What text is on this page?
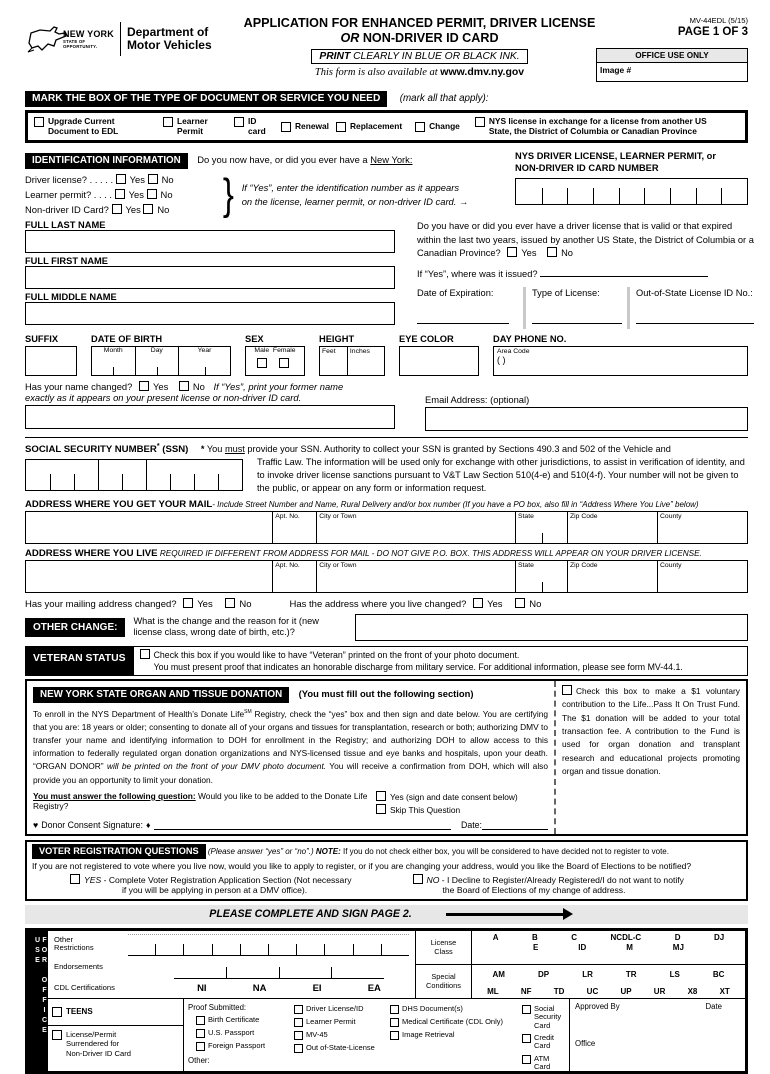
NEW YORK
STATE OF OPPORTUNITY.
Department of
Motor Vehicles
APPLICATION FOR ENHANCED PERMIT, DRIVER LICENSE
OR NON-DRIVER ID CARD
PRINT CLEARLY IN BLUE OR BLACK INK.
This form is also available at www.dmv.ny.gov
MV-44EDL (5/15)
PAGE 1 OF 3
OFFICE USE ONLY
Image #
MARK THE BOX OF THE TYPE OF DOCUMENT OR SERVICE YOU NEED (mark all that apply):
Upgrade Current Document to EDL
Learner Permit
ID card	Renewal	Replacement	Change	NYS license in exchange for a license from another US State, the District of Columbia or Canadian Province
IDENTIFICATION INFORMATION Do you now have, or did you ever have a New York:
Driver license? . . . . . Yes No
Learner permit? . . . . Yes No
Non-driver ID Card? Yes No	} If “Yes”, enter the identification number as it appears
on the license, learner permit, or non-driver ID card. →
NYS DRIVER LICENSE, LEARNER PERMIT, or
NON-DRIVER ID CARD NUMBER
FULL LAST NAME
FULL FIRST NAME
FULL MIDDLE NAME
Do you have or did you ever have a driver license that is valid or that expired within the last two years, issued by another US State, the District of Columbia or a Canadian Province? Yes	No
If “Yes”, where was it issued?
Date of Expiration:	Type of License:	Out-of-State License ID No.:

SUFFIX	DATE OF BIRTH
Month	Day	Year
SEX
Male Female
HEIGHT
Feet	Inches
EYE COLOR	DAY PHONE NO.
Area Code
( )
Has your name changed? Yes	No If “Yes”, print your former name
exactly as it appears on your present license or non-driver ID card.	Email Address: (optional)
SOCIAL SECURITY NUMBER* (SSN) * You must provide your SSN. Authority to collect your SSN is granted by Sections 490.3 and 502 of the Vehicle and
Traffic Law. The information will be used only for exchange with other jurisdictions, to assist in verification of identity, and to invoke driver license sanctions pursuant to V&T Law Section 510(4-e) and 510(4-f). Your number will not be given to the public, or appear on any form or information request.
ADDRESS WHERE YOU GET YOUR MAIL- Include Street Number and Name, Rural Delivery and/or box number (If you have a PO box, also fill in “Address Where You Live” below)
Apt. No.	City or Town	State	Zip Code	County
ADDRESS WHERE YOU LIVE REQUIRED IF DIFFERENT FROM ADDRESS FOR MAIL - DO NOT GIVE P.O. BOX. THIS ADDRESS WILL APPEAR ON YOUR DRIVER LICENSE.
Apt. No.	City or Town	State	Zip Code	County
Has your mailing address changed? Yes	No	Has the address where you live changed? Yes	No
OTHER CHANGE:
What is the change and the reason for it (new
license class, wrong date of birth, etc.)?
VETERAN STATUS	Check this box if you would like to have “Veteran” printed on the front of your photo document.
You must present proof that indicates an honorable discharge from military service. For additional information, please see form MV-44.1.
NEW YORK STATE ORGAN AND TISSUE DONATION (You must fill out the following section)

To enroll in the NYS Department of Health’s Donate Life℠ Registry, check the “yes” box and then sign and date below. You are certifying that you are: 18 years or older; consenting to donate all of your organs and tissues for transplantation, research or both; authorizing DMV to transfer your name and identifying information to DOH for enrollment in the Registry; and authorizing DOH to allow access to this information to federally regulated organ donation organizations and NYS-licensed tissue and eye banks and hospitals, upon your death. “ORGAN DONOR” will be printed on the front of your DMV photo document. You will receive a confirmation from DOH, which will also provide you an opportunity to limit your donation.

You must answer the following question: Would you like to be added to the Donate Life Registry?
Yes (sign and date consent below)
Skip This Question
♥ Donor Consent Signature: ♦	Date:
Check this box to make a $1 voluntary contribution to the Life...Pass It On Trust Fund. The $1 donation will be added to your total transaction fee. A contribution to the Fund is used for organ donation and transplant research and educational projects promoting organ and tissue donation.
VOTER REGISTRATION QUESTIONS (Please answer “yes” or “no”.) NOTE: If you do not check either box, you will be considered to have decided not to register to vote.
If you are not registered to vote where you live now, would you like to apply to register, or if you are changing your address, would you like the Board of Elections to be notified?
YES - Complete Voter Registration Application Section (Not necessary
if you will be applying in person at a DMV office).
NO - I Decline to Register/Already Registered/I do not want to notify
the Board of Elections of my change of address.
PLEASE COMPLETE AND SIGN PAGE 2.
FOR OFFICE USE	Other
Restrictions
Endorsements
CDL Certifications	NI	NA	EI	EA
License
Class
A	B	C	NCDL-C	D	DJ
E	ID	M	MJ
Special
Conditions
AM	DP	LR	TR	LS	BC
ML	NF	TD	UC	UP	UR	X8	XT
TEENS
License/Permit
Surrendered for
Non-Driver ID Card
Proof Submitted:
Birth Certificate
U.S. Passport
Foreign Passport
Other:
Driver License/ID
Learner Permit
MV-45
Out of-State-License
DHS Document(s)
Medical Certificate (CDL Only)
Image Retrieval
Social Security Card
Credit Card
ATM Card
Approved By	Date
Office
